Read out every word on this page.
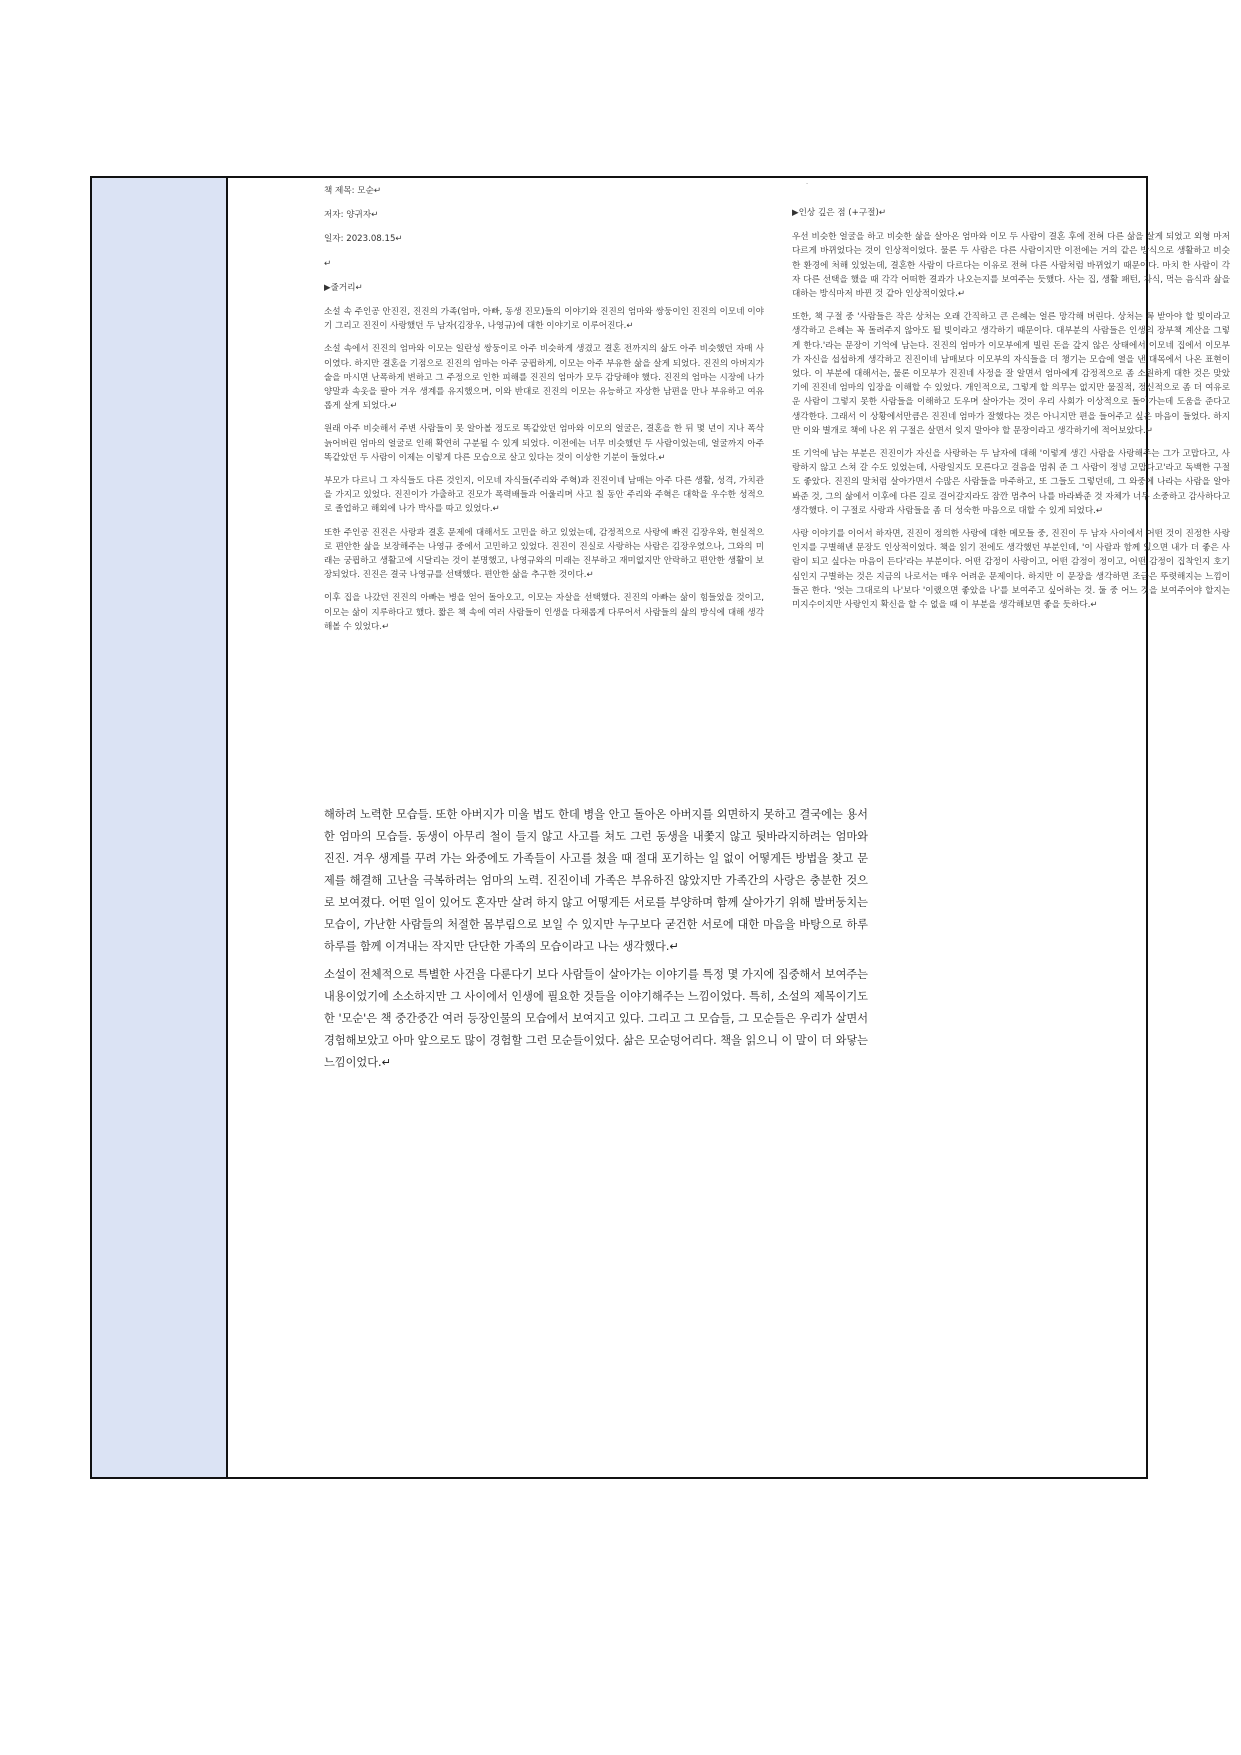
-

책 제목: 모순↵

저자: 양귀자↵

일자: 2023.08.15↵

↵

▶줄거리↵

소설 속 주인공 안진진, 진진의 가족(엄마, 아빠, 동생 진모)들의 이야기와 진진의 엄마와 쌍둥이인 진진의 이모네 이야기 그리고 진진이 사랑했던 두 남자(김장우, 나영규)에 대한 이야기로 이루어진다.↵

소설 속에서 진진의 엄마와 이모는 일란성 쌍둥이로 아주 비슷하게 생겼고 결혼 전까지의 삶도 아주 비슷했던 자매 사이였다. 하지만 결혼을 기점으로 진진의 엄마는 아주 궁핍하게, 이모는 아주 부유한 삶을 살게 되었다. 진진의 아버지가 술을 마시면 난폭하게 변하고 그 주정으로 인한 피해를 진진의 엄마가 모두 감당해야 했다. 진진의 엄마는 시장에 나가 양말과 속옷을 팔아 겨우 생계를 유지했으며, 이와 반대로 진진의 이모는 유능하고 자상한 남편을 만나 부유하고 여유롭게 살게 되었다.↵

원래 아주 비슷해서 주변 사람들이 못 알아볼 정도로 똑같았던 엄마와 이모의 얼굴은, 결혼을 한 뒤 몇 년이 지나 폭삭 늙어버린 엄마의 얼굴로 인해 확연히 구분될 수 있게 되었다. 이전에는 너무 비슷했던 두 사람이었는데, 얼굴까지 아주 똑같았던 두 사람이 이제는 이렇게 다른 모습으로 살고 있다는 것이 이상한 기분이 들었다.↵

부모가 다르니 그 자식들도 다른 것인지, 이모네 자식들(주리와 주혁)과 진진이네 남매는 아주 다른 생활, 성격, 가치관을 가지고 있었다. 진진이가 가출하고 진모가 폭력배들과 어울리며 사고 칠 동안 주리와 주혁은 대학을 우수한 성적으로 졸업하고 해외에 나가 박사를 따고 있었다.↵

또한 주인공 진진은 사랑과 결혼 문제에 대해서도 고민을 하고 있었는데, 감정적으로 사랑에 빠진 김장우와, 현실적으로 편안한 삶을 보장해주는 나영규 중에서 고민하고 있었다. 진진이 진실로 사랑하는 사람은 김장우였으나, 그와의 미래는 궁핍하고 생활고에 시달리는 것이 분명했고, 나영규와의 미래는 진부하고 재미없지만 안락하고 편안한 생활이 보장되었다. 진진은 결국 나영규를 선택했다. 편안한 삶을 추구한 것이다.↵

이후 집을 나갔던 진진의 아빠는 병을 얻어 돌아오고, 이모는 자살을 선택했다. 진진의 아빠는 삶이 힘들었을 것이고, 이모는 삶이 지루하다고 했다. 짧은 책 속에 여러 사람들이 인생을 다채롭게 다루어서 사람들의 삶의 방식에 대해 생각해볼 수 있었다.↵

▶인상 깊은 점 (+구절)↵

우선 비슷한 얼굴을 하고 비슷한 삶을 살아온 엄마와 이모 두 사람이 결혼 후에 전혀 다른 삶을 살게 되었고 외형 마저 다르게 바뀌었다는 것이 인상적이었다. 물론 두 사람은 다른 사람이지만 이전에는 거의 같은 방식으로 생활하고 비슷한 환경에 처해 있었는데, 결혼한 사람이 다르다는 이유로 전혀 다른 사람처럼 바뀌었기 때문이다. 마치 한 사람이 각자 다른 선택을 했을 때 각각 어떠한 결과가 나오는지를 보여주는 듯했다. 사는 집, 생활 패턴, 자식, 먹는 음식과 삶을 대하는 방식마저 바뀐 것 같아 인상적이었다.↵

또한, 책 구절 중 '사람들은 작은 상처는 오래 간직하고 큰 은혜는 얼른 망각해 버린다. 상처는 꼭 받아야 할 빚이라고 생각하고 은혜는 꼭 돌려주지 않아도 될 빚이라고 생각하기 때문이다. 대부분의 사람들은 인생의 장부책 계산을 그렇게 한다.'라는 문장이 기억에 남는다. 진진의 엄마가 이모부에게 빌린 돈을 갚지 않은 상태에서 이모네 집에서 이모부가 자신을 섭섭하게 생각하고 진진이네 남매보다 이모부의 자식들을 더 챙기는 모습에 열을 낸 대목에서 나온 표현이었다. 이 부분에 대해서는, 물론 이모부가 진진네 사정을 잘 알면서 엄마에게 감정적으로 좀 소원하게 대한 것은 맞았기에 진진네 엄마의 입장을 이해할 수 있었다. 개인적으로, 그렇게 할 의무는 없지만 물질적, 정신적으로 좀 더 여유로운 사람이 그렇지 못한 사람들을 이해하고 도우며 살아가는 것이 우리 사회가 이상적으로 돌아가는데 도움을 준다고 생각한다. 그래서 이 상황에서만큼은 진진네 엄마가 잘했다는 것은 아니지만 편을 들어주고 싶은 마음이 들었다. 하지만 이와 별개로 책에 나온 위 구절은 살면서 잊지 말아야 할 문장이라고 생각하기에 적어보았다.↵

또 기억에 남는 부분은 진진이가 자신을 사랑하는 두 남자에 대해 '이렇게 생긴 사람을 사랑해주는 그가 고맙다고, 사랑하지 않고 스쳐 갈 수도 있었는데, 사랑일지도 모른다고 걸음을 멈춰 준 그 사람이 정녕 고맙다고'라고 독백한 구절도 좋았다. 진진의 말처럼 살아가면서 수많은 사람들을 마주하고, 또 그들도 그렇던데, 그 와중에 나라는 사람을 알아봐준 것, 그의 삶에서 이후에 다른 길로 걸어갈지라도 잠깐 멈추어 나를 바라봐준 것 자체가 너무 소중하고 감사하다고 생각했다. 이 구절로 사랑과 사람들을 좀 더 성숙한 마음으로 대할 수 있게 되었다.↵

사랑 이야기를 이어서 하자면, 진진이 정의한 사랑에 대한 메모들 중, 진진이 두 남자 사이에서 어떤 것이 진정한 사랑인지를 구별해낸 문장도 인상적이었다. 책을 읽기 전에도 생각했던 부분인데, '이 사람과 함께 있으면 내가 더 좋은 사람이 되고 싶다는 마음이 든다'라는 부분이다. 어떤 감정이 사랑이고, 어떤 감정이 정이고, 어떤 감정이 집착인지 호기심인지 구별하는 것은 지금의 나로서는 매우 어려운 문제이다. 하지만 이 문장을 생각하면 조금은 뚜렷해지는 느낌이 들곤 한다. '엇는 그대로의 나'보다 '이랬으면 좋았을 나'를 보여주고 싶어하는 것. 둘 중 어느 것을 보여주어야 할지는 미지수이지만 사랑인지 확신을 할 수 없을 때 이 부분을 생각해보면 좋을 듯하다.↵

해하려 노력한 모습들. 또한 아버지가 미울 법도 한데 병을 안고 돌아온 아버지를 외면하지 못하고 결국에는 용서한 엄마의 모습들. 동생이 아무리 철이 들지 않고 사고를 쳐도 그런 동생을 내쫓지 않고 뒷바라지하려는 엄마와 진진. 겨우 생계를 꾸려 가는 와중에도 가족들이 사고를 쳤을 때 절대 포기하는 일 없이 어떻게든 방법을 찾고 문제를 해결해 고난을 극복하려는 엄마의 노력. 진진이네 가족은 부유하진 않았지만 가족간의 사랑은 충분한 것으로 보여졌다. 어떤 일이 있어도 혼자만 살려 하지 않고 어떻게든 서로를 부양하며 함께 살아가기 위해 발버둥치는 모습이, 가난한 사람들의 처절한 몸부림으로 보일 수 있지만 누구보다 굳건한 서로에 대한 마음을 바탕으로 하루하루를 함께 이겨내는 작지만 단단한 가족의 모습이라고 나는 생각했다.↵

소설이 전체적으로 특별한 사건을 다룬다기 보다 사람들이 살아가는 이야기를 특정 몇 가지에 집중해서 보여주는 내용이었기에 소소하지만 그 사이에서 인생에 필요한 것들을 이야기해주는 느낌이었다. 특히, 소설의 제목이기도 한 '모순'은 책 중간중간 여러 등장인물의 모습에서 보여지고 있다. 그리고 그 모습들, 그 모순들은 우리가 살면서 경험해보았고 아마 앞으로도 많이 경험할 그런 모순들이었다. 삶은 모순덩어리다. 책을 읽으니 이 말이 더 와닿는 느낌이었다.↵
